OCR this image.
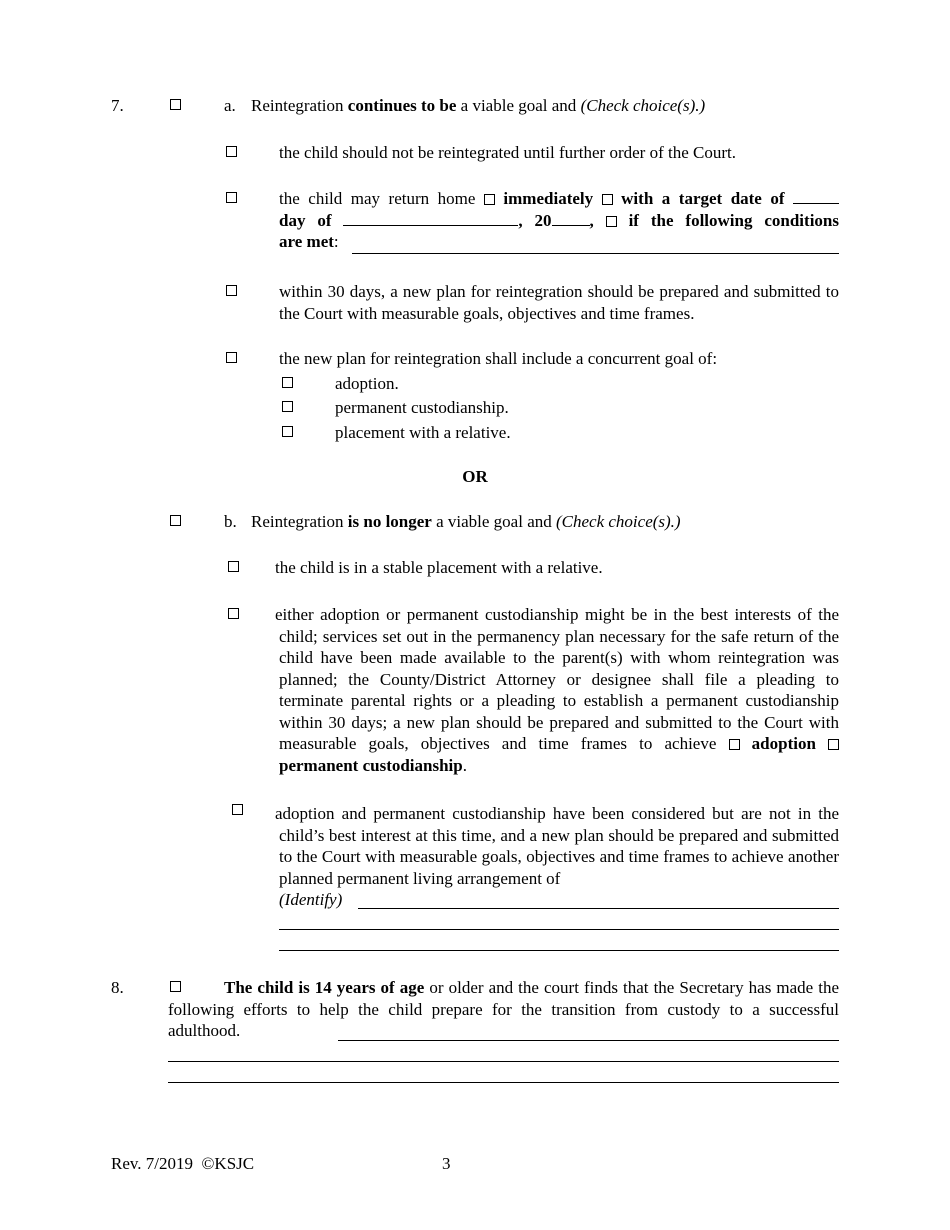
7.	a. Reintegration continues to be a viable goal and (Check choice(s).)
the child should not be reintegrated until further order of the Court.
the child may return home  immediately with a target date of
day of	, 20 , if the following conditions
are met:
within 30 days, a new plan for reintegration should be prepared and submitted to the Court with measurable goals, objectives and time frames.
the new plan for reintegration shall include a concurrent goal of:
adoption.
permanent custodianship.
placement with a relative.
OR
b. Reintegration is no longer a viable goal and (Check choice(s).)
the child is in a stable placement with a relative.
either adoption or permanent custodianship might be in the best interests of the child; services set out in the permanency plan necessary for the safe return of the child have been made available to the parent(s) with whom reintegration was planned; the County/District Attorney or designee shall file a pleading to terminate parental rights or a pleading to establish a permanent custodianship within 30 days; a new plan should be prepared and submitted to the Court with measurable goals, objectives and time frames to achieve adoption  permanent custodianship.
adoption and permanent custodianship have been considered but are not in the child’s best interest at this time, and a new plan should be prepared and submitted to the Court with measurable goals, objectives and time frames to achieve another planned permanent living arrangement of
(Identify)
8.	The child is 14 years of age or older and the court finds that the Secretary has made the following efforts to help the child prepare for the transition from custody to a successful adulthood.
Rev. 7/2019  ©KSJC	3
